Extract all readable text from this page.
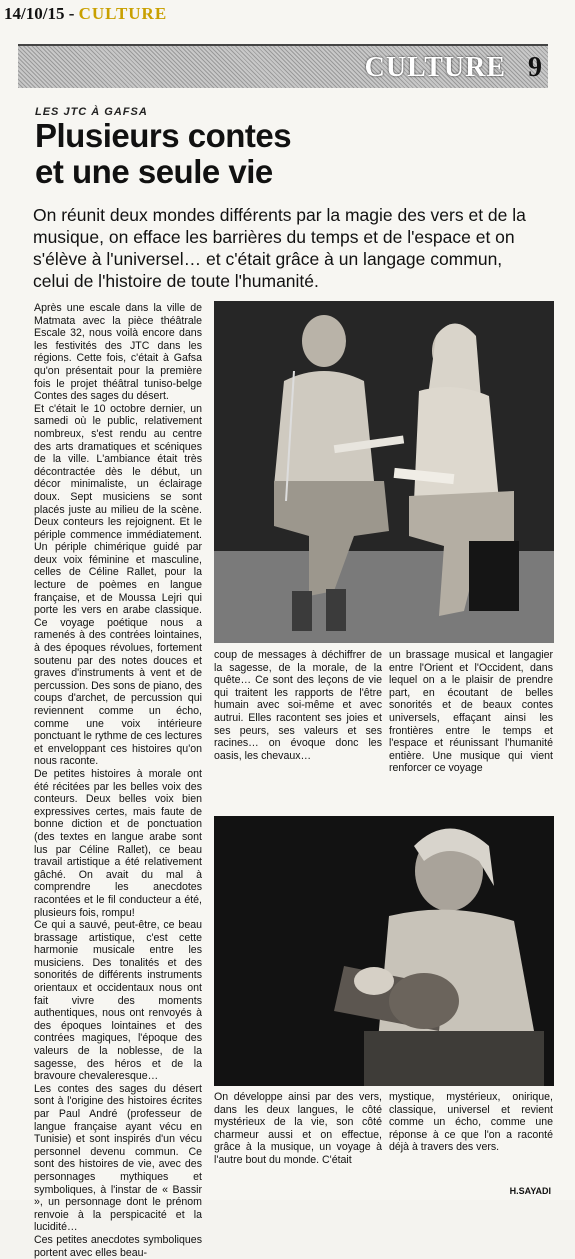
14/10/15 - CULTURE
CULTURE 9
LES JTC À GAFSA
Plusieurs contes
et une seule vie
On réunit deux mondes différents par la magie des vers et de la musique, on efface les barrières du temps et de l'espace et on s'élève à l'universel… et c'était grâce à un langage commun, celui de l'histoire de toute l'humanité.

Après une escale dans la ville de Matmata avec la pièce théâtrale Escale 32, nous voilà encore dans les festivités des JTC dans les régions. Cette fois, c'était à Gafsa qu'on présentait pour la première fois le projet théâtral tuniso-belge Contes des sages du désert.

Et c'était le 10 octobre dernier, un samedi où le public, relativement nombreux, s'est rendu au centre des arts dramatiques et scéniques de la ville. L'ambiance était très décontractée dès le début, un décor minimaliste, un éclairage doux. Sept musiciens se sont placés juste au milieu de la scène. Deux conteurs les rejoignent. Et le périple commence immédiatement. Un périple chimérique guidé par deux voix féminine et masculine, celles de Céline Rallet, pour la lecture de poèmes en langue française, et de Moussa Lejri qui porte les vers en arabe classique. Ce voyage poétique nous a ramenés à des contrées lointaines, à des époques révolues, fortement soutenu par des notes douces et graves d'instruments à vent et de percussion. Des sons de piano, des coups d'archet, de percussion qui reviennent comme un écho, comme une voix intérieure ponctuant le rythme de ces lectures et enveloppant ces histoires qu'on nous raconte.

De petites histoires à morale ont été récitées par les belles voix des conteurs. Deux belles voix bien expressives certes, mais faute de bonne diction et de ponctuation (des textes en langue arabe sont lus par Céline Rallet), ce beau travail artistique a été relativement gâché. On avait du mal à comprendre les anecdotes racontées et le fil conducteur a été, plusieurs fois, rompu!

Ce qui a sauvé, peut-être, ce beau brassage artistique, c'est cette harmonie musicale entre les musiciens. Des tonalités et des sonorités de différents instruments orientaux et occidentaux nous ont fait vivre des moments authentiques, nous ont renvoyés à des époques lointaines et des contrées magiques, l'époque des valeurs de la noblesse, de la sagesse, des héros et de la bravoure chevaleresque…

Les contes des sages du désert sont à l'origine des histoires écrites par Paul André (professeur de langue française ayant vécu en Tunisie) et sont inspirés d'un vécu personnel devenu commun. Ce sont des histoires de vie, avec des personnages mythiques et symboliques, à l'instar de « Bassir », un personnage dont le prénom renvoie à la perspicacité et la lucidité…

Ces petites anecdotes symboliques portent avec elles beau-

coup de messages à déchiffrer de la sagesse, de la morale, de la quête… Ce sont des leçons de vie qui traitent les rapports de l'être humain avec soi-même et avec autrui. Elles racontent ses joies et ses peurs, ses valeurs et ses racines… on évoque donc les oasis, les chevaux…

un brassage musical et langagier entre l'Orient et l'Occident, dans lequel on a le plaisir de prendre part, en écoutant de belles sonorités et de beaux contes universels, effaçant ainsi les frontières entre le temps et l'espace et réunissant l'humanité entière. Une musique qui vient renforcer ce voyage

On développe ainsi par des vers, dans les deux langues, le côté mystérieux de la vie, son côté charmeur aussi et on effectue, grâce à la musique, un voyage à l'autre bout du monde. C'était

mystique, mystérieux, onirique, classique, universel et revient comme un écho, comme une réponse à ce que l'on a raconté déjà à travers des vers.

H.SAYADI
